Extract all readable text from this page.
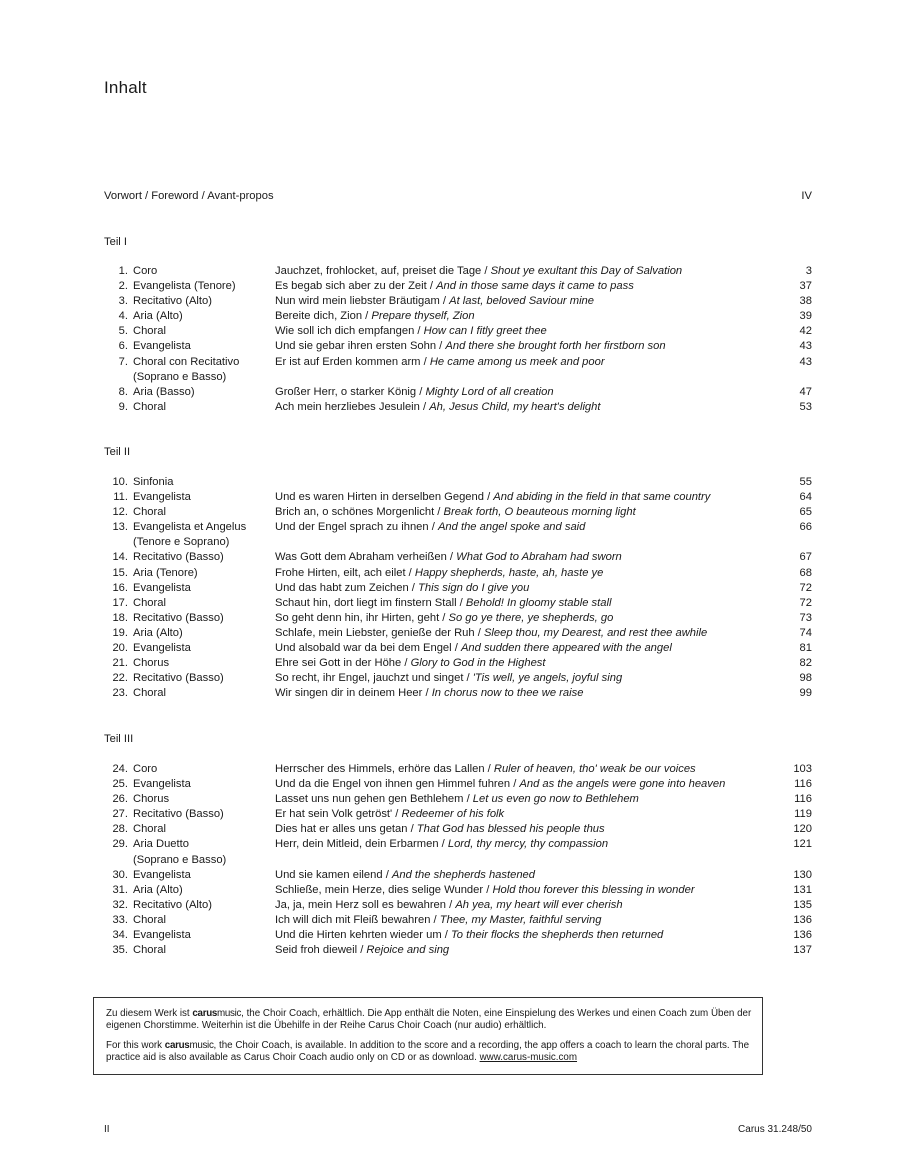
Inhalt
Vorwort / Foreword / Avant-propos	IV
Teil I
1. Coro	Jauchzet, frohlocket, auf, preiset die Tage / Shout ye exultant this Day of Salvation	3
2. Evangelista (Tenore)	Es begab sich aber zu der Zeit / And in those same days it came to pass	37
3. Recitativo (Alto)	Nun wird mein liebster Bräutigam / At last, beloved Saviour mine	38
4. Aria (Alto)	Bereite dich, Zion / Prepare thyself, Zion	39
5. Choral	Wie soll ich dich empfangen / How can I fitly greet thee	42
6. Evangelista	Und sie gebar ihren ersten Sohn / And there she brought forth her firstborn son	43
7. Choral con Recitativo	Er ist auf Erden kommen arm / He came among us meek and poor	43
(Soprano e Basso)
8. Aria (Basso)	Großer Herr, o starker König / Mighty Lord of all creation	47
9. Choral	Ach mein herzliebes Jesulein / Ah, Jesus Child, my heart's delight	53
Teil II
10. Sinfonia	55
11. Evangelista	Und es waren Hirten in derselben Gegend / And abiding in the field in that same country	64
12. Choral	Brich an, o schönes Morgenlicht / Break forth, O beauteous morning light	65
13. Evangelista et Angelus	Und der Engel sprach zu ihnen / And the angel spoke and said	66
(Tenore e Soprano)
14. Recitativo (Basso)	Was Gott dem Abraham verheißen / What God to Abraham had sworn	67
15. Aria (Tenore)	Frohe Hirten, eilt, ach eilet / Happy shepherds, haste, ah, haste ye	68
16. Evangelista	Und das habt zum Zeichen / This sign do I give you	72
17. Choral	Schaut hin, dort liegt im finstern Stall / Behold! In gloomy stable stall	72
18. Recitativo (Basso)	So geht denn hin, ihr Hirten, geht / So go ye there, ye shepherds, go	73
19. Aria (Alto)	Schlafe, mein Liebster, genieße der Ruh / Sleep thou, my Dearest, and rest thee awhile	74
20. Evangelista	Und alsobald war da bei dem Engel / And sudden there appeared with the angel	81
21. Chorus	Ehre sei Gott in der Höhe / Glory to God in the Highest	82
22. Recitativo (Basso)	So recht, ihr Engel, jauchzt und singet / 'Tis well, ye angels, joyful sing	98
23. Choral	Wir singen dir in deinem Heer / In chorus now to thee we raise	99
Teil III
24. Coro	Herrscher des Himmels, erhöre das Lallen / Ruler of heaven, tho' weak be our voices	103
25. Evangelista	Und da die Engel von ihnen gen Himmel fuhren / And as the angels were gone into heaven	116
26. Chorus	Lasset uns nun gehen gen Bethlehem / Let us even go now to Bethlehem	116
27. Recitativo (Basso)	Er hat sein Volk getröst' / Redeemer of his folk	119
28. Choral	Dies hat er alles uns getan / That God has blessed his people thus	120
29. Aria Duetto	Herr, dein Mitleid, dein Erbarmen / Lord, thy mercy, thy compassion	121
(Soprano e Basso)
30. Evangelista	Und sie kamen eilend / And the shepherds hastened	130
31. Aria (Alto)	Schließe, mein Herze, dies selige Wunder / Hold thou forever this blessing in wonder	131
32. Recitativo (Alto)	Ja, ja, mein Herz soll es bewahren / Ah yea, my heart will ever cherish	135
33. Choral	Ich will dich mit Fleiß bewahren / Thee, my Master, faithful serving	136
34. Evangelista	Und die Hirten kehrten wieder um / To their flocks the shepherds then returned	136
35. Choral	Seid froh dieweil / Rejoice and sing	137

Zu diesem Werk ist carusmusic, the Choir Coach, erhältlich. Die App enthält die Noten, eine Einspielung des Werkes und einen Coach zum Üben der eigenen Chorstimme. Weiterhin ist die Übehilfe in der Reihe Carus Choir Coach (nur audio) erhältlich.

For this work carusmusic, the Choir Coach, is available. In addition to the score and a recording, the app offers a coach to learn the choral parts. The practice aid is also available as Carus Choir Coach audio only on CD or as download. www.carus-music.com

II	Carus 31.248/50
